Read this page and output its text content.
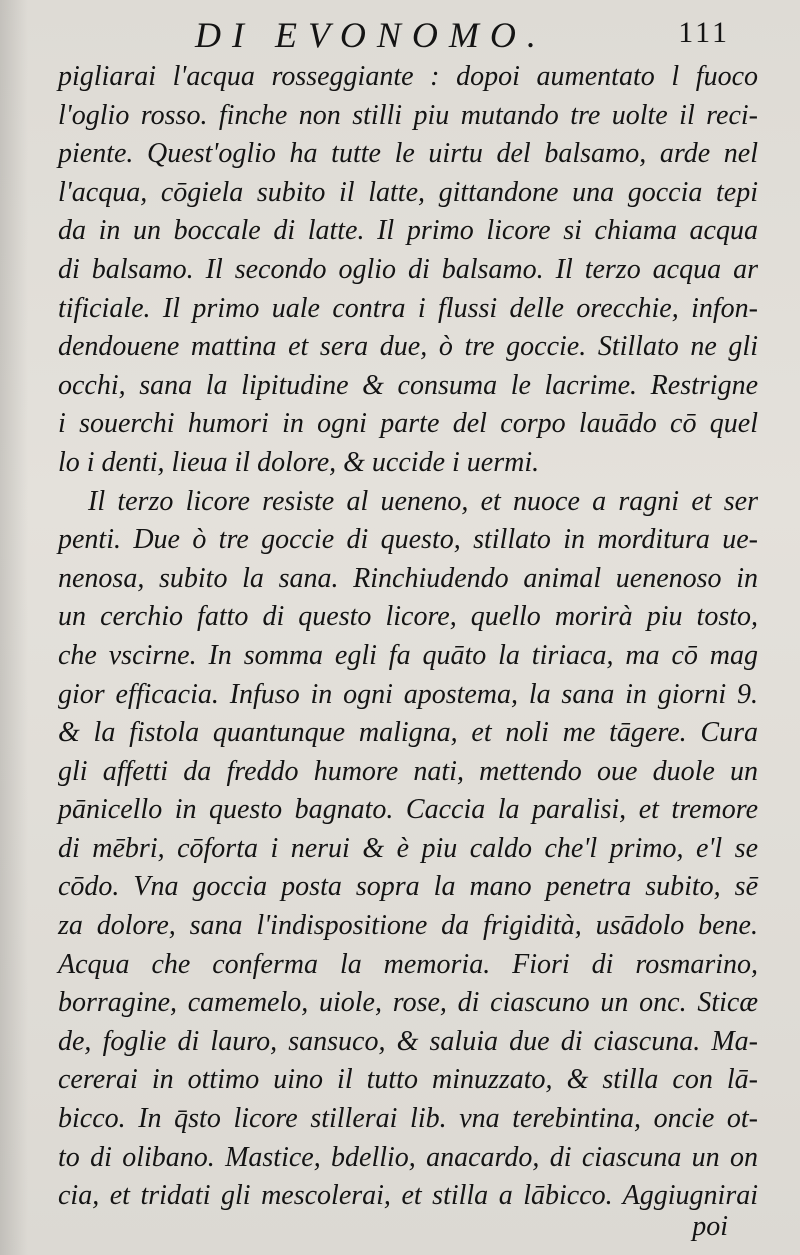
DI EVONOMO.	111
pigliarai l'acqua rosseggiante : dopoi aumentato l fuoco
l'oglio rosso. finche non stilli piu mutando tre uolte il reci-
piente. Quest'oglio ha tutte le uirtu del balsamo, arde nel
l'acqua, cōgiela subito il latte, gittandone una goccia tepi
da in un boccale di latte. Il primo licore si chiama acqua
di balsamo. Il secondo oglio di balsamo. Il terzo acqua ar
tificiale. Il primo uale contra i flussi delle orecchie, infon-
dendouene mattina et sera due, ò tre goccie. Stillato ne gli
occhi, sana la lipitudine & consuma le lacrime. Restrigne
i souerchi humori in ogni parte del corpo lauādo cō quel
lo i denti, lieua il dolore, & uccide i uermi.
Il terzo licore resiste al ueneno, et nuoce a ragni et ser
penti. Due ò tre goccie di questo, stillato in morditura ue-
nenosa, subito la sana. Rinchiudendo animal uenenoso in
un cerchio fatto di questo licore, quello morirà piu tosto,
che vscirne. In somma egli fa quāto la tiriaca, ma cō mag
gior efficacia. Infuso in ogni apostema, la sana in giorni 9.
& la fistola quantunque maligna, et noli me tāgere. Cura
gli affetti da freddo humore nati, mettendo oue duole un
pānicello in questo bagnato. Caccia la paralisi, et tremore
di mēbri, cōforta i nerui & è piu caldo che'l primo, e'l se
cōdo. Vna goccia posta sopra la mano penetra subito, sē
za dolore, sana l'indispositione da frigidità, usādolo bene.
Acqua che conferma la memoria. Fiori di rosmarino,
borragine, camemelo, uiole, rose, di ciascuno un onc. Sticæ
de, foglie di lauro, sansuco, & saluia due di ciascuna. Ma-
cererai in ottimo uino il tutto minuzzato, & stilla con lā-
bicco. In q̄sto licore stillerai lib. vna terebintina, oncie ot-
to di olibano. Mastice, bdellio, anacardo, di ciascuna un on
cia, et tridati gli mescolerai, et stilla a lābicco. Aggiugnirai
poi
